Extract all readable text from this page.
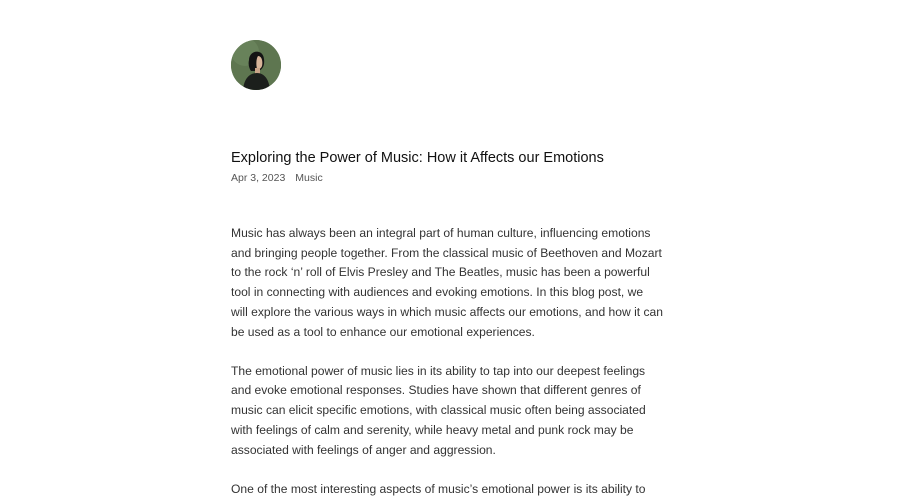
Exploring the Power of Music: How it Affects our Emotions
Apr 3, 2023 Music

Music has always been an integral part of human culture, influencing emotions and bringing people together. From the classical music of Beethoven and Mozart to the rock ‘n’ roll of Elvis Presley and The Beatles, music has been a powerful tool in connecting with audiences and evoking emotions. In this blog post, we will explore the various ways in which music affects our emotions, and how it can be used as a tool to enhance our emotional experiences.

The emotional power of music lies in its ability to tap into our deepest feelings and evoke emotional responses. Studies have shown that different genres of music can elicit specific emotions, with classical music often being associated with feelings of calm and serenity, while heavy metal and punk rock may be associated with feelings of anger and aggression.

One of the most interesting aspects of music’s emotional power is its ability to
